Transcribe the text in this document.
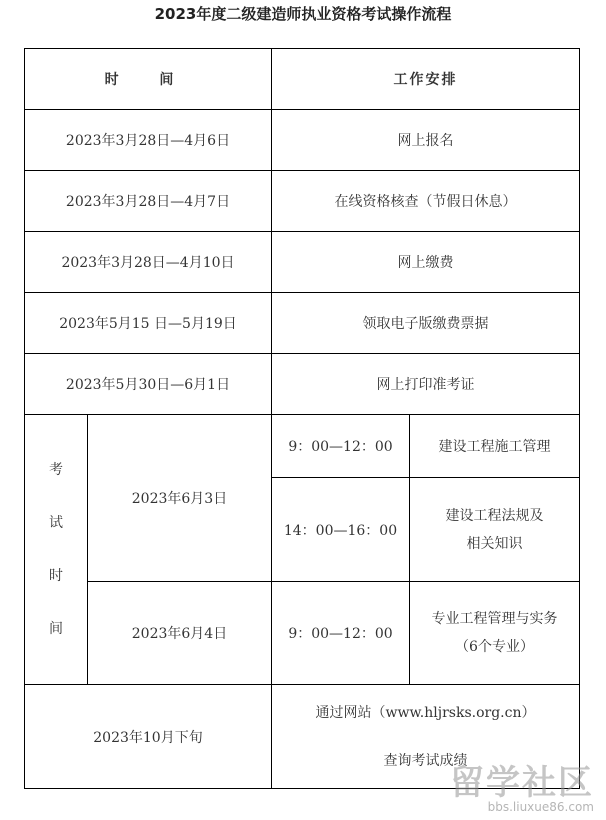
2023年度二级建造师执业资格考试操作流程
时 间		工作安排	
2023年3月28日—4月6日		网上报名	
2023年3月28日—4月7日		在线资格核查（节假日休息）	
2023年3月28日—4月10日		网上缴费	
2023年5月15 日—5月19日		领取电子版缴费票据	
2023年5月30日—6月1日		网上打印准考证	

考
试
时
间	2023年6月3日	9：00—12：00	建设工程施工管理
		14：00—16：00	建设工程法规及
相关知识

	2023年6月4日	9：00—12：00	专业工程管理与实务
（6个专业）

2023年10月下旬		通过网站（www.hljrsks.org.cn）
查询考试成绩	
留学社区
bbs.liuxue86.com
